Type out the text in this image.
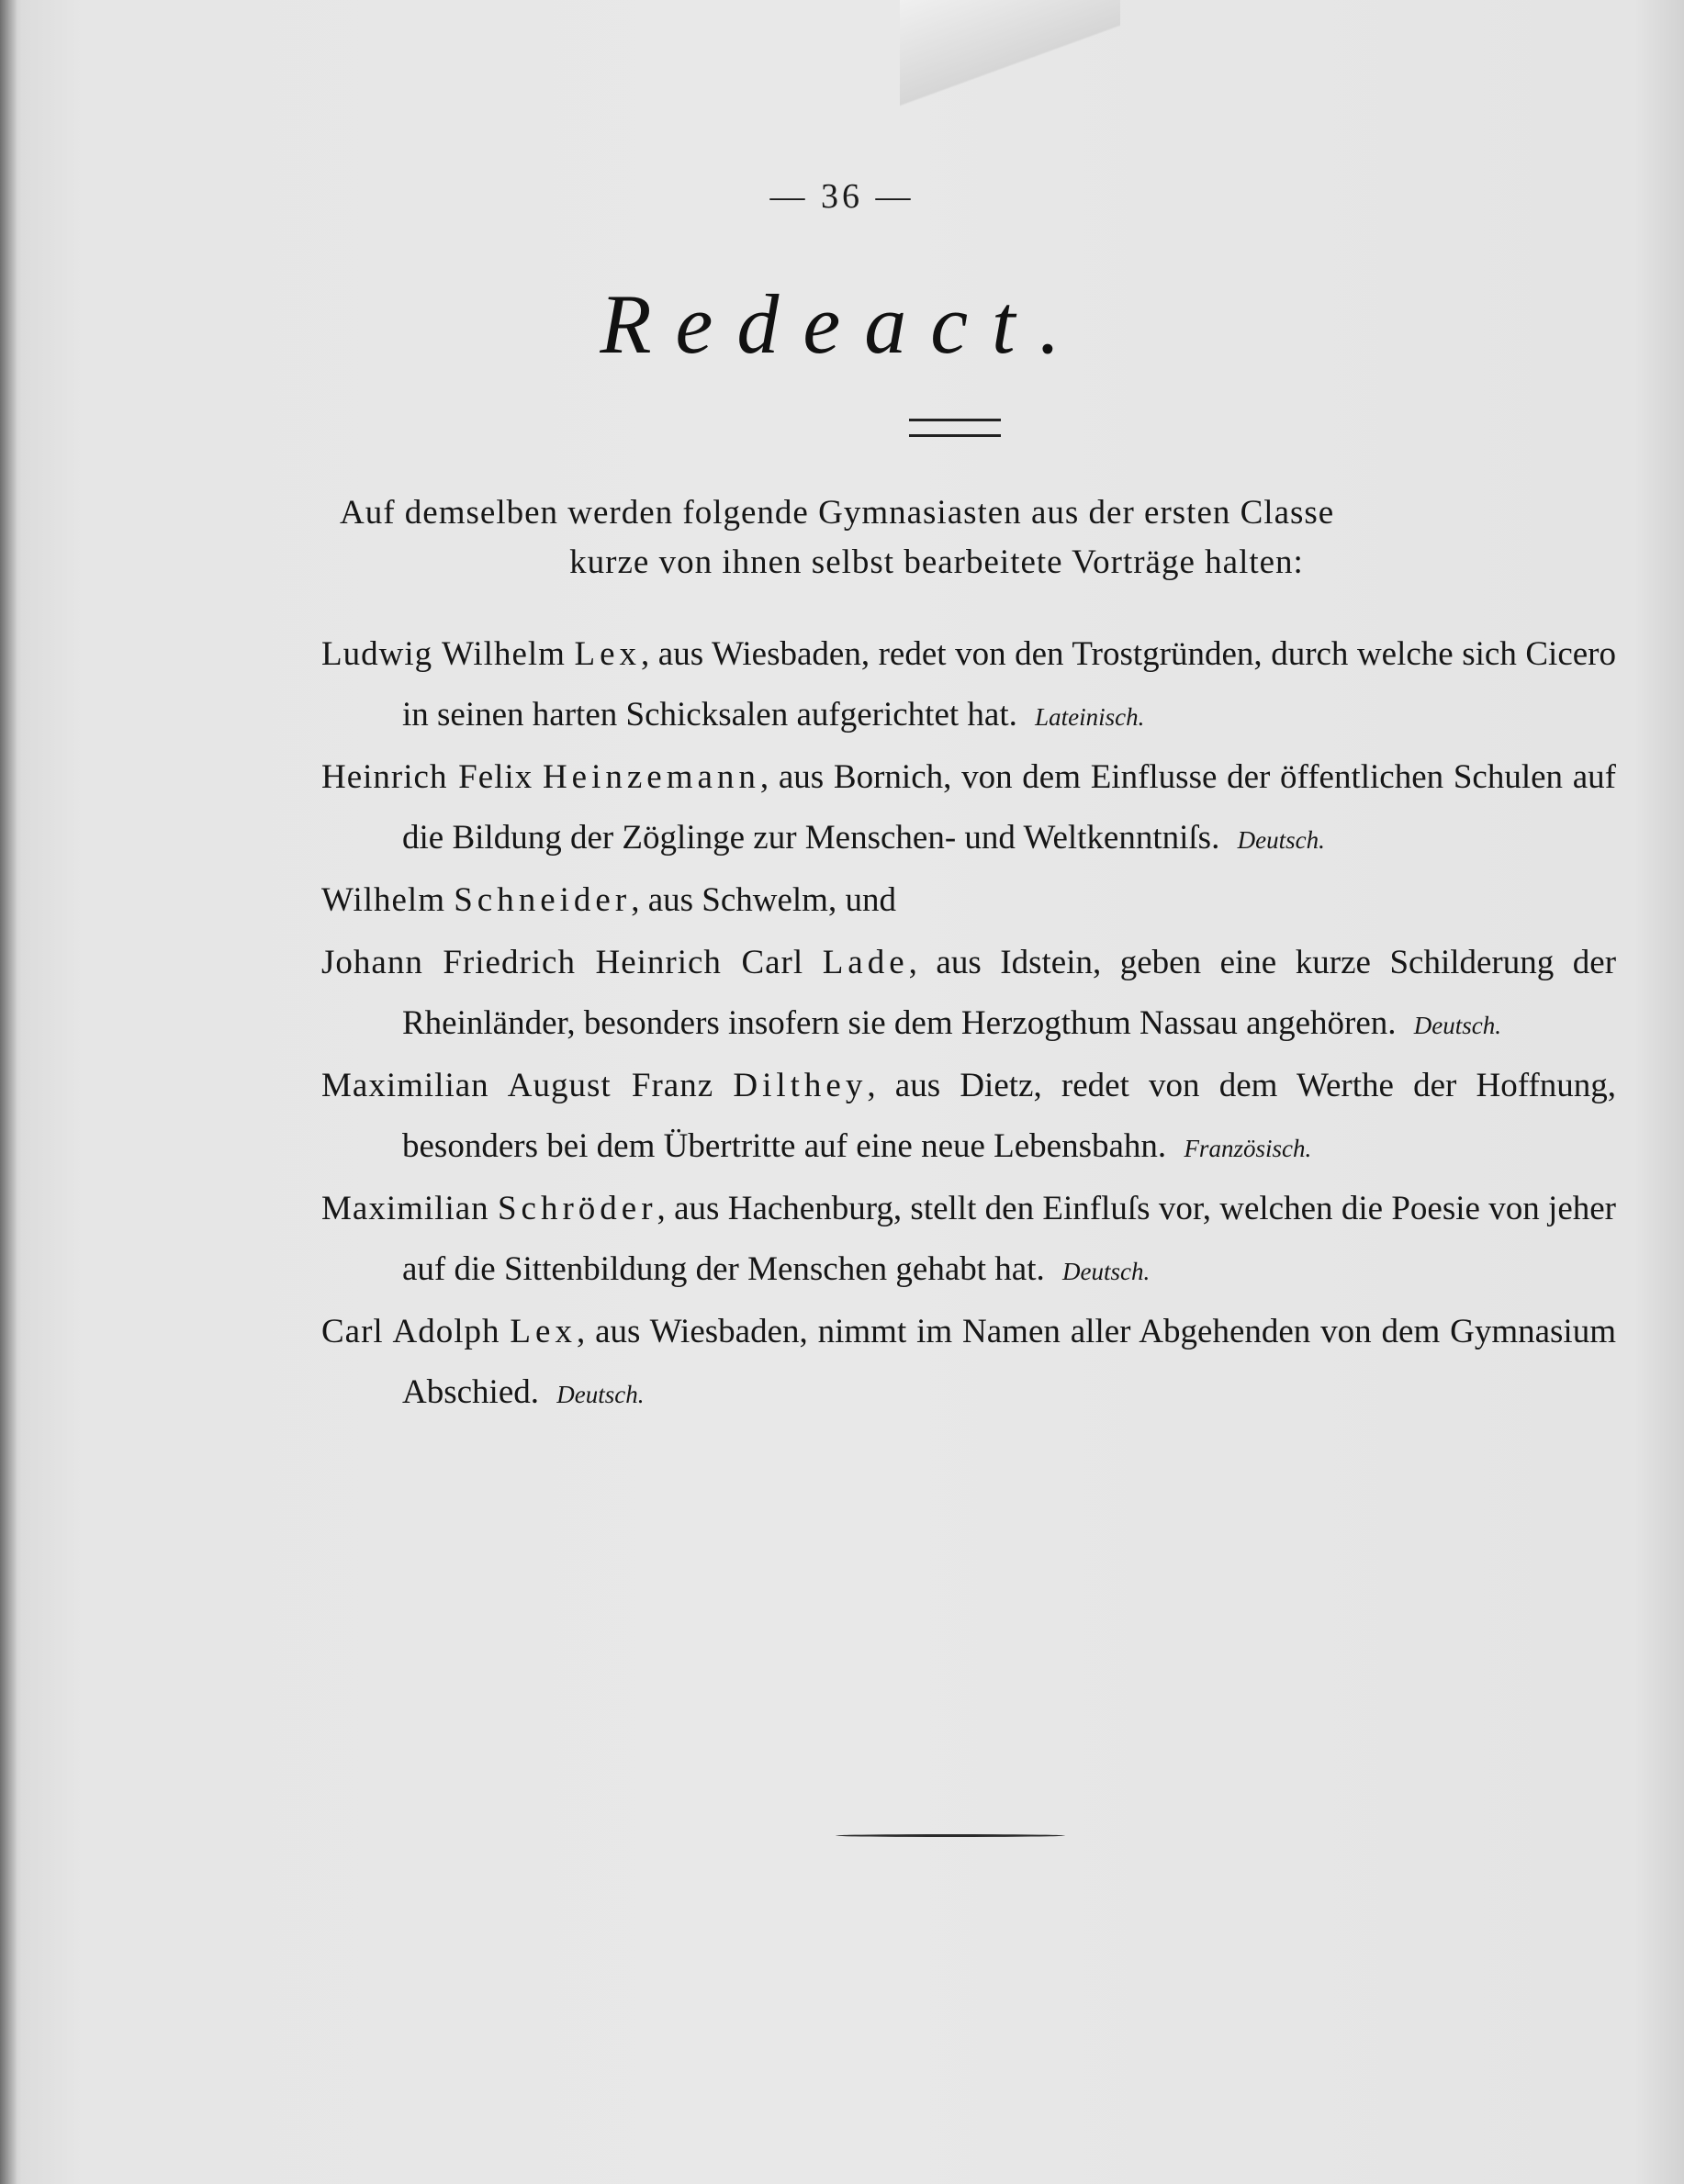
— 36 —
Redeact.
Auf demselben werden folgende Gymnasiasten aus der ersten Classe
kurze von ihnen selbst bearbeitete Vorträge halten:

Ludwig Wilhelm Lex, aus Wiesbaden, redet von den Trostgründen, durch welche sich Cicero in seinen harten Schicksalen aufgerichtet hat. Lateinisch.

Heinrich Felix Heinzemann, aus Bornich, von dem Einflusse der öffentlichen Schulen auf die Bildung der Zöglinge zur Menschen- und Weltkenntniſs. Deutsch.

Wilhelm Schneider, aus Schwelm, und

Johann Friedrich Heinrich Carl Lade, aus Idstein, geben eine kurze Schilderung der Rheinländer, besonders insofern sie dem Herzogthum Nassau angehören. Deutsch.

Maximilian August Franz Dilthey, aus Dietz, redet von dem Werthe der Hoffnung, besonders bei dem Übertritte auf eine neue Lebensbahn. Französisch.

Maximilian Schröder, aus Hachenburg, stellt den Einfluſs vor, welchen die Poesie von jeher auf die Sittenbildung der Menschen gehabt hat. Deutsch.

Carl Adolph Lex, aus Wiesbaden, nimmt im Namen aller Abgehenden von dem Gymnasium Abschied. Deutsch.
